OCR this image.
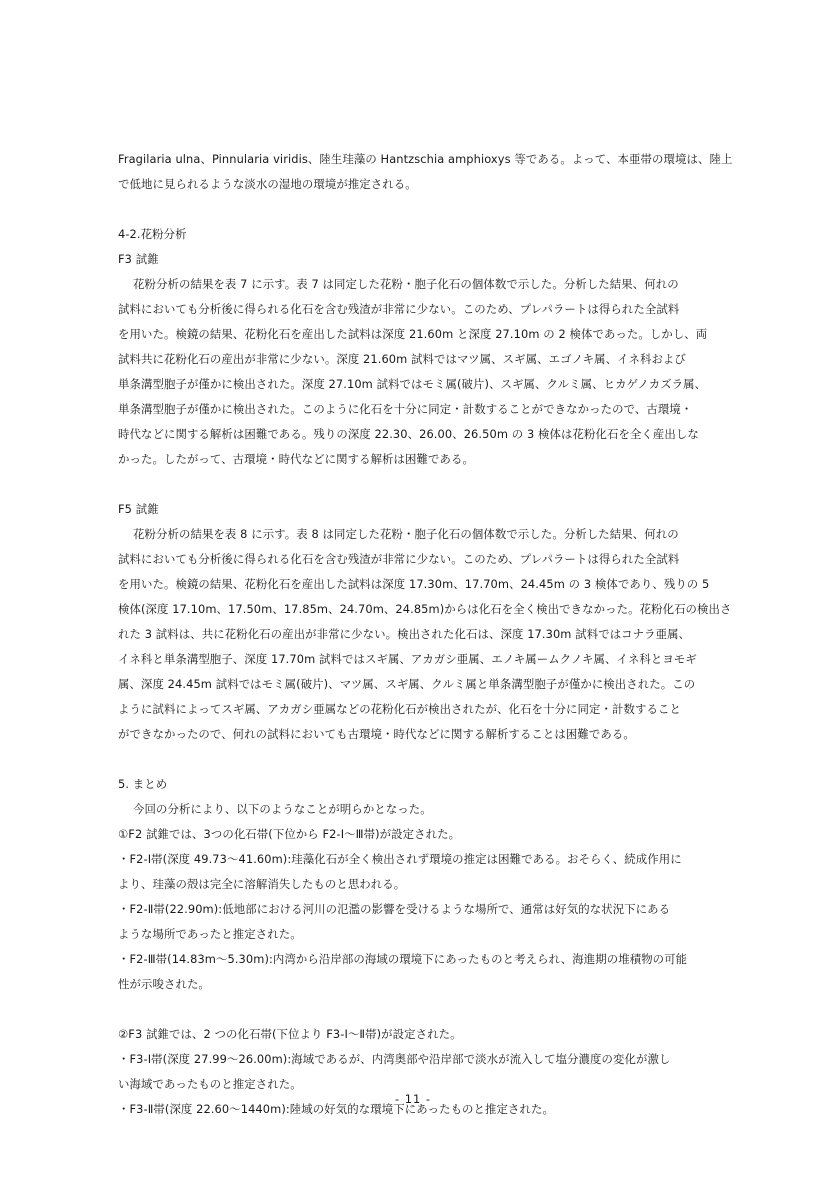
Fragilaria ulna、Pinnularia viridis、陸生珪藻の Hantzschia amphioxys 等である。よって、本亜帯の環境は、陸上
で低地に見られるような淡水の湿地の環境が推定される。
4-2.花粉分析
F3 試錐
花粉分析の結果を表 7 に示す。表 7 は同定した花粉・胞子化石の個体数で示した。分析した結果、何れの
試料においても分析後に得られる化石を含む残渣が非常に少ない。このため、プレパラートは得られた全試料
を用いた。検鏡の結果、花粉化石を産出した試料は深度 21.60m と深度 27.10m の 2 検体であった。しかし、両
試料共に花粉化石の産出が非常に少ない。深度 21.60m 試料ではマツ属、スギ属、エゴノキ属、イネ科および
単条溝型胞子が僅かに検出された。深度 27.10m 試料ではモミ属(破片)、スギ属、クルミ属、ヒカゲノカズラ属、
単条溝型胞子が僅かに検出された。このように化石を十分に同定・計数することができなかったので、古環境・
時代などに関する解析は困難である。残りの深度 22.30、26.00、26.50m の 3 検体は花粉化石を全く産出しな
かった。したがって、古環境・時代などに関する解析は困難である。
F5 試錐
花粉分析の結果を表 8 に示す。表 8 は同定した花粉・胞子化石の個体数で示した。分析した結果、何れの
試料においても分析後に得られる化石を含む残渣が非常に少ない。このため、プレパラートは得られた全試料
を用いた。検鏡の結果、花粉化石を産出した試料は深度 17.30m、17.70m、24.45m の 3 検体であり、残りの 5
検体(深度 17.10m、17.50m、17.85m、24.70m、24.85m)からは化石を全く検出できなかった。花粉化石の検出さ
れた 3 試料は、共に花粉化石の産出が非常に少ない。検出された化石は、深度 17.30m 試料ではコナラ亜属、
イネ科と単条溝型胞子、深度 17.70m 試料ではスギ属、アカガシ亜属、エノキ属ームクノキ属、イネ科とヨモギ
属、深度 24.45m 試料ではモミ属(破片)、マツ属、スギ属、クルミ属と単条溝型胞子が僅かに検出された。この
ように試料によってスギ属、アカガシ亜属などの花粉化石が検出されたが、化石を十分に同定・計数すること
ができなかったので、何れの試料においても古環境・時代などに関する解析することは困難である。
5. まとめ
今回の分析により、以下のようなことが明らかとなった。
①F2 試錐では、3つの化石帯(下位から F2-Ⅰ～Ⅲ帯)が設定された。
・F2-Ⅰ帯(深度 49.73～41.60m):珪藻化石が全く検出されず環境の推定は困難である。おそらく、続成作用に
より、珪藻の殻は完全に溶解消失したものと思われる。
・F2-Ⅱ帯(22.90m):低地部における河川の氾濫の影響を受けるような場所で、通常は好気的な状況下にある
ような場所であったと推定された。
・F2-Ⅲ帯(14.83m～5.30m):内湾から沿岸部の海域の環境下にあったものと考えられ、海進期の堆積物の可能
性が示唆された。
②F3 試錐では、2 つの化石帯(下位より F3-Ⅰ～Ⅱ帯)が設定された。
・F3-Ⅰ帯(深度 27.99～26.00m):海域であるが、内湾奥部や沿岸部で淡水が流入して塩分濃度の変化が激し
い海域であったものと推定された。
・F3-Ⅱ帯(深度 22.60～1440m):陸域の好気的な環境下にあったものと推定された。
- 11 -
